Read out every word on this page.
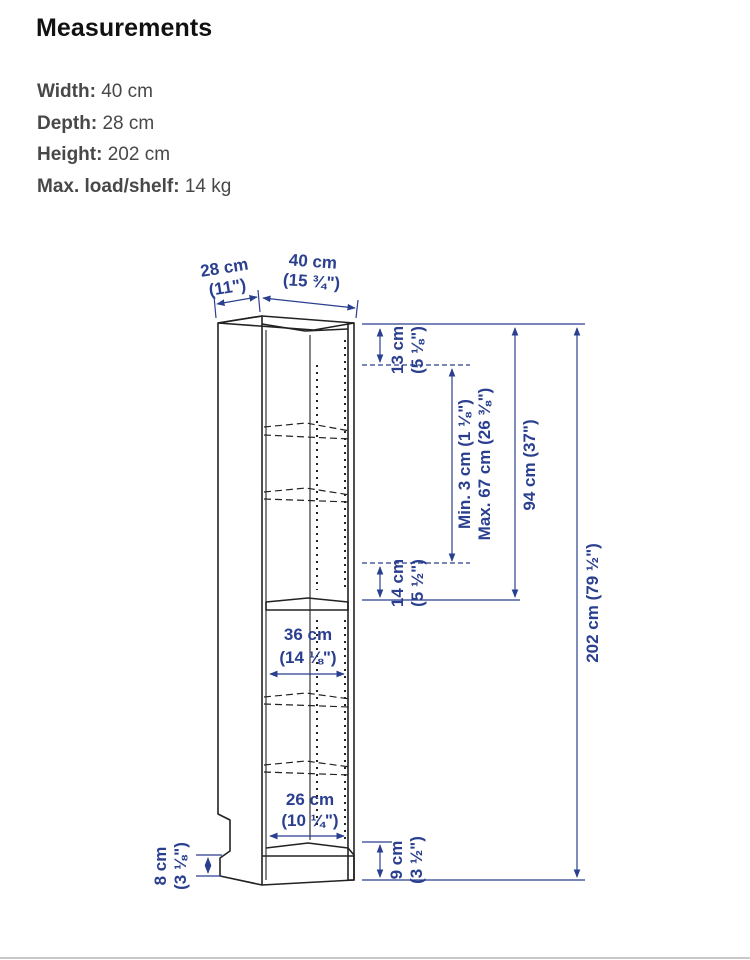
Measurements
Width: 40 cm
Depth: 28 cm
Height: 202 cm
Max. load/shelf: 14 kg
28 cm
(11")
40 cm
(15 ¾")
13 cm (5 ⅛")
Min. 3 cm (1 ⅛") Max. 67 cm (26 ⅜") 94 cm (37")
202 cm (79 ½")
14 cm (5 ½")
36 cm
(14 ⅛")
26 cm
(10 ¼")
9 cm (3 ½")
8 cm (3 ⅛")
